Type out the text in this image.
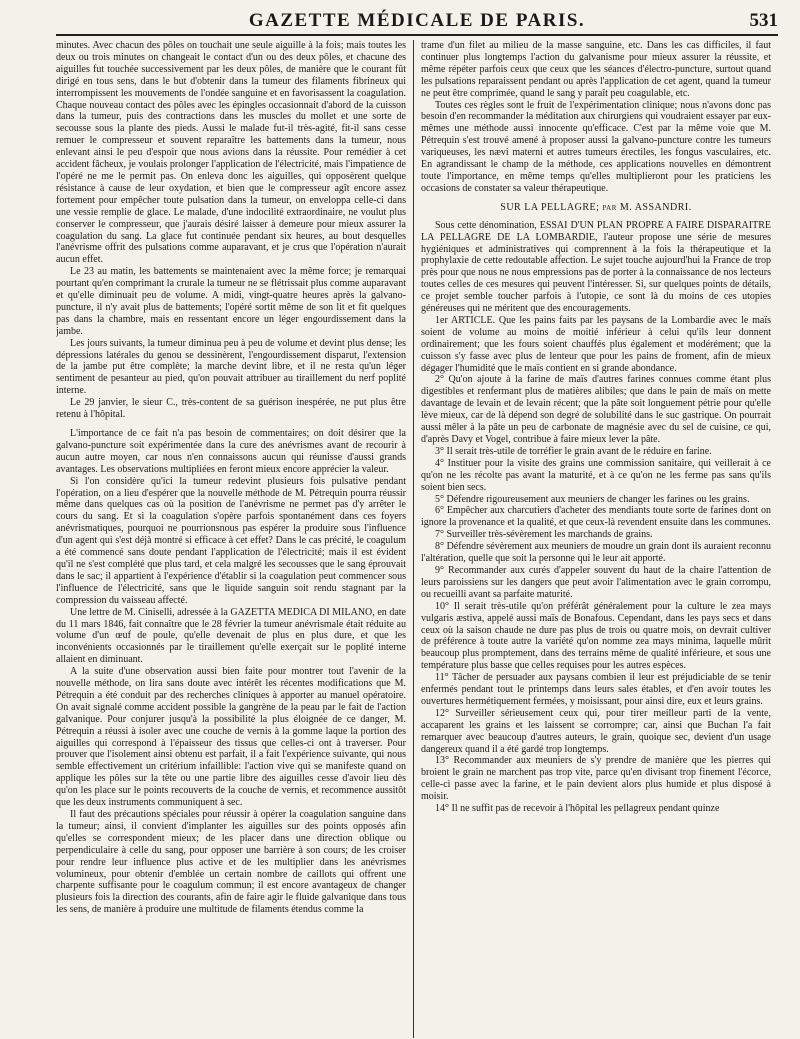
GAZETTE MÉDICALE DE PARIS.	531

minutes. Avec chacun des pôles on touchait une seule aiguille à la fois; mais toutes les deux ou trois minutes on changeait le contact d'un ou des deux pôles, et chacune des aiguilles fut touchée successivement par les deux pôles, de manière que le courant fût dirigé en tous sens, dans le but d'obtenir dans la tumeur des filaments fibrineux qui interrompissent les mouvements de l'ondée sanguine et en favorisassent la coagulation. Chaque nouveau contact des pôles avec les épingles occasionnait d'abord de la cuisson dans la tumeur, puis des contractions dans les muscles du mollet et une sorte de secousse sous la plante des pieds. Aussi le malade fut-il très-agité, fit-il sans cesse remuer le compresseur et souvent reparaître les battements dans la tumeur, nous enlevant ainsi le peu d'espoir que nous avions dans la réussite. Pour remédier à cet accident fâcheux, je voulais prolonger l'application de l'électricité, mais l'impatience de l'opéré ne me le permit pas. On enleva donc les aiguilles, qui opposèrent quelque résistance à cause de leur oxydation, et bien que le compresseur agît encore assez fortement pour empêcher toute pulsation dans la tumeur, on enveloppa celle-ci dans une vessie remplie de glace. Le malade, d'une indocilité extraordinaire, ne voulut plus conserver le compresseur, que j'aurais désiré laisser à demeure pour mieux assurer la coagulation du sang. La glace fut continuée pendant six heures, au bout desquelles l'anévrisme offrit des pulsations comme auparavant, et je crus que l'opération n'aurait aucun effet.

Le 23 au matin, les battements se maintenaient avec la même force; je remarquai pourtant qu'en comprimant la crurale la tumeur ne se flétrissait plus comme auparavant et qu'elle diminuait peu de volume. A midi, vingt-quatre heures après la galvano-puncture, il n'y avait plus de battements; l'opéré sortit même de son lit et fit quelques pas dans la chambre, mais en ressentant encore un léger engourdissement dans la jambe.

Les jours suivants, la tumeur diminua peu à peu de volume et devint plus dense; les dépressions latérales du genou se dessinèrent, l'engourdissement disparut, l'extension de la jambe put être complète; la marche devint libre, et il ne resta qu'un léger sentiment de pesanteur au pied, qu'on pouvait attribuer au tiraillement du nerf poplité interne.

Le 29 janvier, le sieur C., très-content de sa guérison inespérée, ne put plus être retenu à l'hôpital.

L'importance de ce fait n'a pas besoin de commentaires; on doit désirer que la galvano-puncture soit expérimentée dans la cure des anévrismes avant de recourir à aucun autre moyen, car nous n'en connaissons aucun qui réunisse d'aussi grands avantages. Les observations multipliées en feront mieux encore apprécier la valeur.

Si l'on considère qu'ici la tumeur redevint plusieurs fois pulsative pendant l'opération, on a lieu d'espérer que la nouvelle méthode de M. Pétrequin pourra réussir même dans quelques cas où la position de l'anévrisme ne permet pas d'y arrêter le cours du sang. Et si la coagulation s'opère parfois spontanément dans ces foyers anévrismatiques, pourquoi ne pourrionsnous pas espérer la produire sous l'influence d'un agent qui s'est déjà montré si efficace à cet effet? Dans le cas précité, le coagulum a été commencé sans doute pendant l'application de l'électricité; mais il est évident qu'il ne s'est complété que plus tard, et cela malgré les secousses que le sang éprouvait dans le sac; il appartient à l'expérience d'établir si la coagulation peut commencer sous l'influence de l'électricité, sans que le liquide sanguin soit rendu stagnant par la compression du vaisseau affecté.

Une lettre de M. Ciniselli, adressée à la GAZETTA MEDICA DI MILANO, en date du 11 mars 1846, fait connaître que le 28 février la tumeur anévrismale était réduite au volume d'un œuf de poule, qu'elle devenait de plus en plus dure, et que les inconvénients occasionnés par le tiraillement qu'elle exerçait sur le poplité interne allaient en diminuant.

A la suite d'une observation aussi bien faite pour montrer tout l'avenir de la nouvelle méthode, on lira sans doute avec intérêt les récentes modifications que M. Pétrequin a été conduit par des recherches cliniques à apporter au manuel opératoire. On avait signalé comme accident possible la gangrène de la peau par le fait de l'action galvanique. Pour conjurer jusqu'à la possibilité la plus éloignée de ce danger, M. Pétrequin a réussi à isoler avec une couche de vernis à la gomme laque la portion des aiguilles qui correspond à l'épaisseur des tissus que celles-ci ont à traverser. Pour prouver que l'isolement ainsi obtenu est parfait, il a fait l'expérience suivante, qui nous semble effectivement un critérium infaillible: l'action vive qui se manifeste quand on applique les pôles sur la tête ou une partie libre des aiguilles cesse d'avoir lieu dès qu'on les place sur le points recouverts de la couche de vernis, et recommence aussitôt que les deux instruments communiquent à sec.

Il faut des précautions spéciales pour réussir à opérer la coagulation sanguine dans la tumeur; ainsi, il convient d'implanter les aiguilles sur des points opposés afin qu'elles se correspondent mieux; de les placer dans une direction oblique ou perpendiculaire à celle du sang, pour opposer une barrière à son cours; de les croiser pour rendre leur influence plus active et de les multiplier dans les anévrismes volumineux, pour obtenir d'emblée un certain nombre de caillots qui offrent une charpente suffisante pour le coagulum commun; il est encore avantageux de changer plusieurs fois la direction des courants, afin de faire agir le fluide galvanique dans tous les sens, de manière à produire une multitude de filaments étendus comme la

trame d'un filet au milieu de la masse sanguine, etc. Dans les cas difficiles, il faut continuer plus longtemps l'action du galvanisme pour mieux assurer la réussite, et même répéter parfois ceux que ceux que les séances d'électro-puncture, surtout quand les pulsations reparaissent pendant ou après l'application de cet agent, quand la tumeur ne peut être comprimée, quand le sang y paraît peu coagulable, etc.

Toutes ces règles sont le fruit de l'expérimentation clinique; nous n'avons donc pas besoin d'en recommander la méditation aux chirurgiens qui voudraient essayer par eux-mêmes une méthode aussi innocente qu'efficace. C'est par la même voie que M. Pétrequin s'est trouvé amené à proposer aussi la galvano-puncture contre les tumeurs variqueuses, les nævi materni et autres tumeurs érectiles, les fongus vasculaires, etc. En agrandissant le champ de la méthode, ces applications nouvelles en démontrent toute l'importance, en même temps qu'elles multiplieront pour les praticiens les occasions de constater sa valeur thérapeutique.

SUR LA PELLAGRE; par M. ASSANDRI.

Sous cette dénomination, ESSAI D'UN PLAN PROPRE A FAIRE DISPARAITRE LA PELLAGRE DE LA LOMBARDIE, l'auteur propose une série de mesures hygiéniques et administratives qui comprennent à la fois la thérapeutique et la prophylaxie de cette redoutable affection. Le sujet touche aujourd'hui la France de trop près pour que nous ne nous empressions pas de porter à la connaissance de nos lecteurs toutes celles de ces mesures qui peuvent l'intéresser. Si, sur quelques points de détails, ce projet semble toucher parfois à l'utopie, ce sont là du moins de ces utopies généreuses qui ne méritent que des encouragements.

1er ARTICLE. Que les pains faits par les paysans de la Lombardie avec le maïs soient de volume au moins de moitié inférieur à celui qu'ils leur donnent ordinairement; que les fours soient chauffés plus également et modérément; que la cuisson s'y fasse avec plus de lenteur que pour les pains de froment, afin de mieux dégager l'humidité que le maïs contient en si grande abondance.

2° Qu'on ajoute à la farine de maïs d'autres farines connues comme étant plus digestibles et renfermant plus de matières alibiles; que dans le pain de maïs on mette davantage de levain et de levain récent; que la pâte soit longuement pétrie pour qu'elle lève mieux, car de là dépend son degré de solubilité dans le suc gastrique. On pourrait aussi mêler à la pâte un peu de carbonate de magnésie avec du sel de cuisine, ce qui, d'après Davy et Vogel, contribue à faire mieux lever la pâte.

3° Il serait très-utile de torréfier le grain avant de le réduire en farine.

4° Instituer pour la visite des grains une commission sanitaire, qui veillerait à ce qu'on ne les récolte pas avant la maturité, et à ce qu'on ne les ferme pas sans qu'ils soient bien secs.

5° Défendre rigoureusement aux meuniers de changer les farines ou les grains.

6° Empêcher aux charcutiers d'acheter des mendiants toute sorte de farines dont on ignore la provenance et la qualité, et que ceux-là revendent ensuite dans les communes.

7° Surveiller très-sévèrement les marchands de grains.

8° Défendre sévèrement aux meuniers de moudre un grain dont ils auraient reconnu l'altération, quelle que soit la personne qui le leur ait apporté.

9° Recommander aux curés d'appeler souvent du haut de la chaire l'attention de leurs paroissiens sur les dangers que peut avoir l'alimentation avec le grain corrompu, ou recueilli avant sa parfaite maturité.

10° Il serait très-utile qu'on préférât généralement pour la culture le zea mays vulgaris æstiva, appelé aussi maïs de Bonafous. Cependant, dans les pays secs et dans ceux où la saison chaude ne dure pas plus de trois ou quatre mois, on devrait cultiver de préférence à toute autre la variété qu'on nomme zea mays minima, laquelle mûrit beaucoup plus promptement, dans des terrains même de qualité inférieure, et sous une température plus basse que celles requises pour les autres espèces.

11° Tâcher de persuader aux paysans combien il leur est préjudiciable de se tenir enfermés pendant tout le printemps dans leurs sales étables, et d'en avoir toutes les ouvertures hermétiquement fermées, y moisissant, pour ainsi dire, eux et leurs grains.

12° Surveiller sérieusement ceux qui, pour tirer meilleur parti de la vente, accaparent les grains et les laissent se corrompre; car, ainsi que Buchan l'a fait remarquer avec beaucoup d'autres auteurs, le grain, quoique sec, devient d'un usage dangereux quand il a été gardé trop longtemps.

13° Recommander aux meuniers de s'y prendre de manière que les pierres qui broient le grain ne marchent pas trop vite, parce qu'en divisant trop finement l'écorce, celle-ci passe avec la farine, et le pain devient alors plus humide et plus disposé à moisir.

14° Il ne suffit pas de recevoir à l'hôpital les pellagreux pendant quinze
